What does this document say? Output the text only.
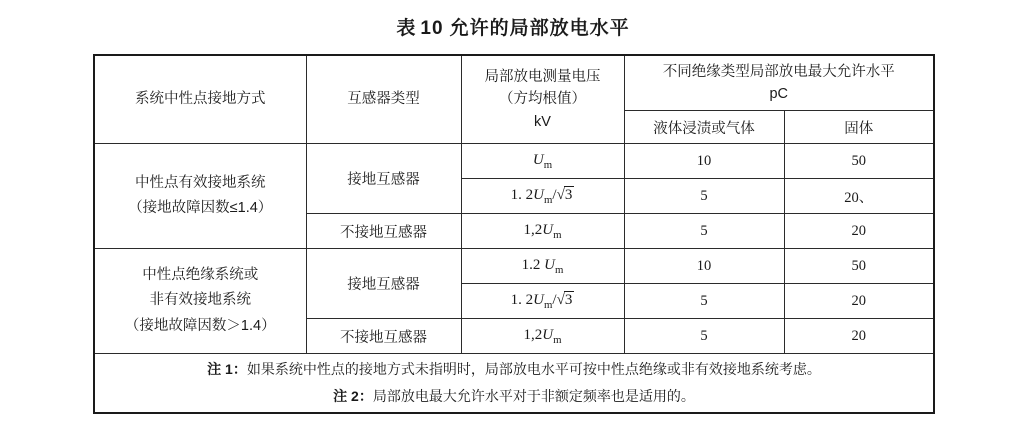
表 10 允许的局部放电水平
系统中性点接地方式	互感器类型	局部放电测量电压
（方均根值）
kV	不同绝缘类型局部放电最大允许水平
pC	

			液体浸渍或气体	固体

中性点有效接地系统
（接地故障因数≤1.4）	接地互感器	$U_m$	10	50
		1. $2U_m/√3$	5	20、
	不接地互感器	$1,2U_m$	5	20

中性点绝缘系统或
非有效接地系统
（接地故障因数＞1.4）	接地互感器	1.2 $U_m$	10	50
		1. $2U_m/√3$	5	20
	不接地互感器	$1,2U_m$	5	20

注 1：如果系统中性点的接地方式未指明时，局部放电水平可按中性点绝缘或非有效接地系统考虑。
注 2：局部放电最大允许水平对于非额定频率也是适用的。				
